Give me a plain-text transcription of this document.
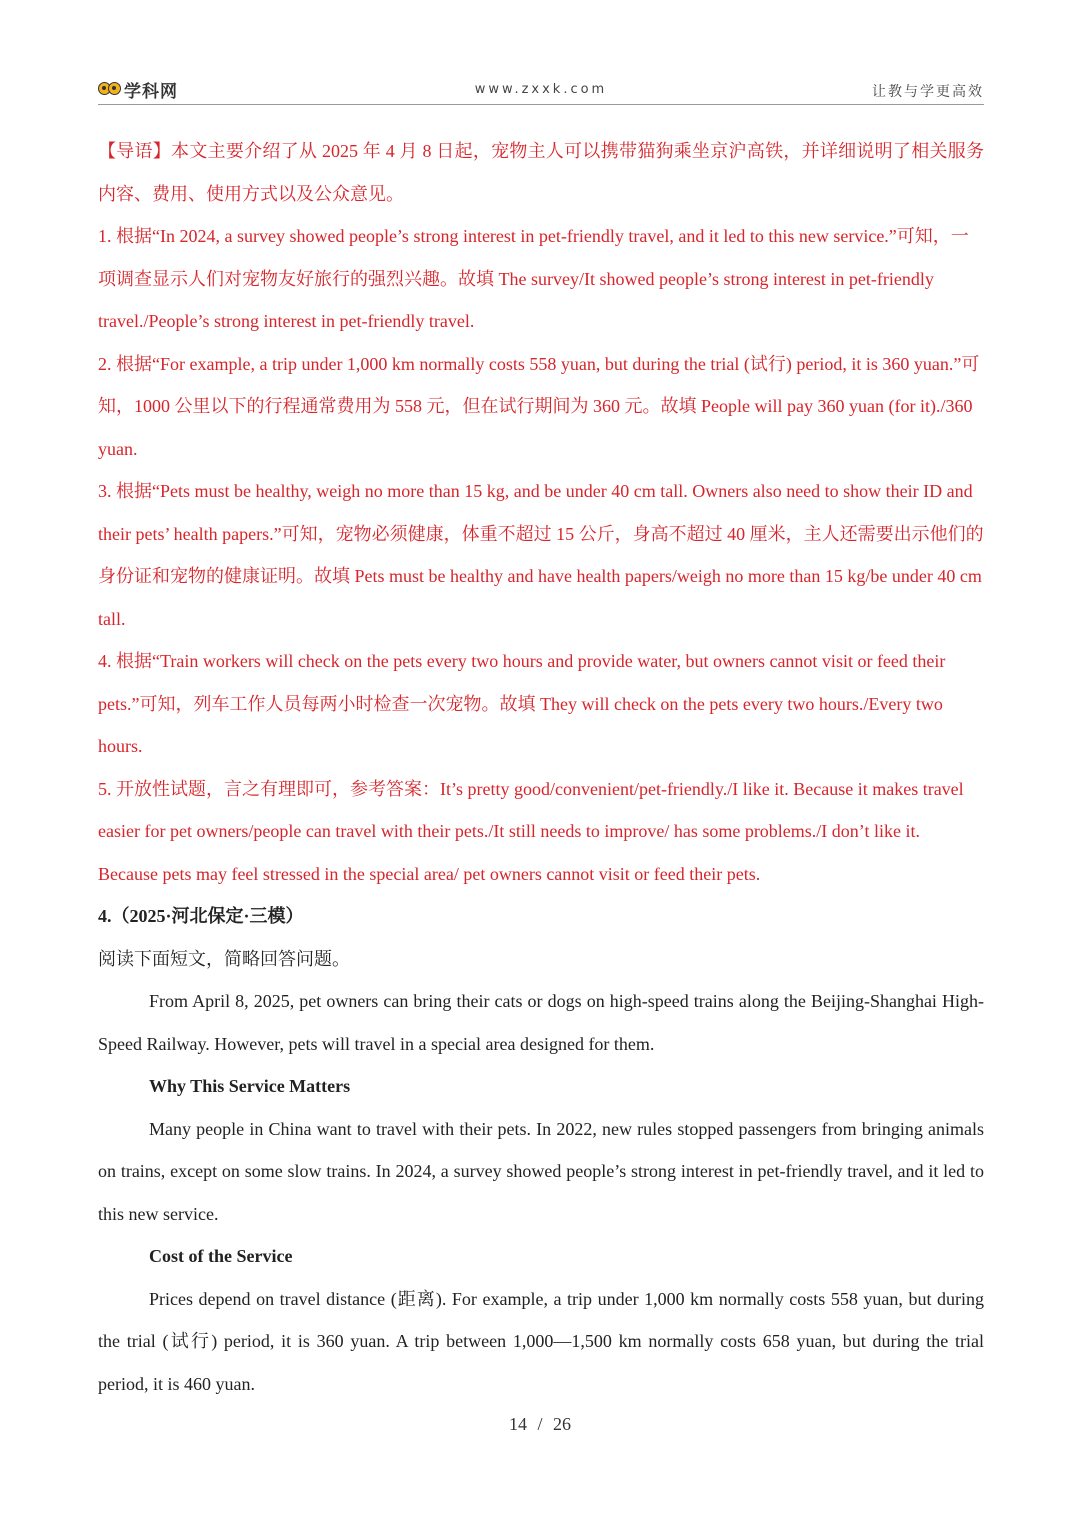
学科网	www.zxxk.com	让教与学更高效

【导语】本文主要介绍了从 2025 年 4 月 8 日起，宠物主人可以携带猫狗乘坐京沪高铁，并详细说明了相关服务内容、费用、使用方式以及公众意见。

1. 根据“In 2024, a survey showed people’s strong interest in pet-friendly travel, and it led to this new service.”可知，一项调查显示人们对宠物友好旅行的强烈兴趣。故填 The survey/It showed people’s strong interest in pet-friendly travel./People’s strong interest in pet-friendly travel.

2. 根据“For example, a trip under 1,000 km normally costs 558 yuan, but during the trial (试行) period, it is 360 yuan.”可知，1000 公里以下的行程通常费用为 558 元，但在试行期间为 360 元。故填 People will pay 360 yuan (for it)./360 yuan.

3. 根据“Pets must be healthy, weigh no more than 15 kg, and be under 40 cm tall. Owners also need to show their ID and their pets’ health papers.”可知，宠物必须健康，体重不超过 15 公斤，身高不超过 40 厘米，主人还需要出示他们的身份证和宠物的健康证明。故填 Pets must be healthy and have health papers/weigh no more than 15 kg/be under 40 cm tall.

4. 根据“Train workers will check on the pets every two hours and provide water, but owners cannot visit or feed their pets.”可知，列车工作人员每两小时检查一次宠物。故填 They will check on the pets every two hours./Every two hours.

5. 开放性试题，言之有理即可，参考答案：It’s pretty good/convenient/pet-friendly./I like it. Because it makes travel easier for pet owners/people can travel with their pets./It still needs to improve/ has some problems./I don’t like it. Because pets may feel stressed in the special area/ pet owners cannot visit or feed their pets.

4.（2025·河北保定·三模）

阅读下面短文，简略回答问题。

From April 8, 2025, pet owners can bring their cats or dogs on high-speed trains along the Beijing-Shanghai High-Speed Railway. However, pets will travel in a special area designed for them.

Why This Service Matters

Many people in China want to travel with their pets. In 2022, new rules stopped passengers from bringing animals on trains, except on some slow trains. In 2024, a survey showed people’s strong interest in pet-friendly travel, and it led to this new service.

Cost of the Service

Prices depend on travel distance (距离). For example, a trip under 1,000 km normally costs 558 yuan, but during the trial (试行) period, it is 360 yuan. A trip between 1,000—1,500 km normally costs 658 yuan, but during the trial period, it is 460 yuan.

14 / 26
